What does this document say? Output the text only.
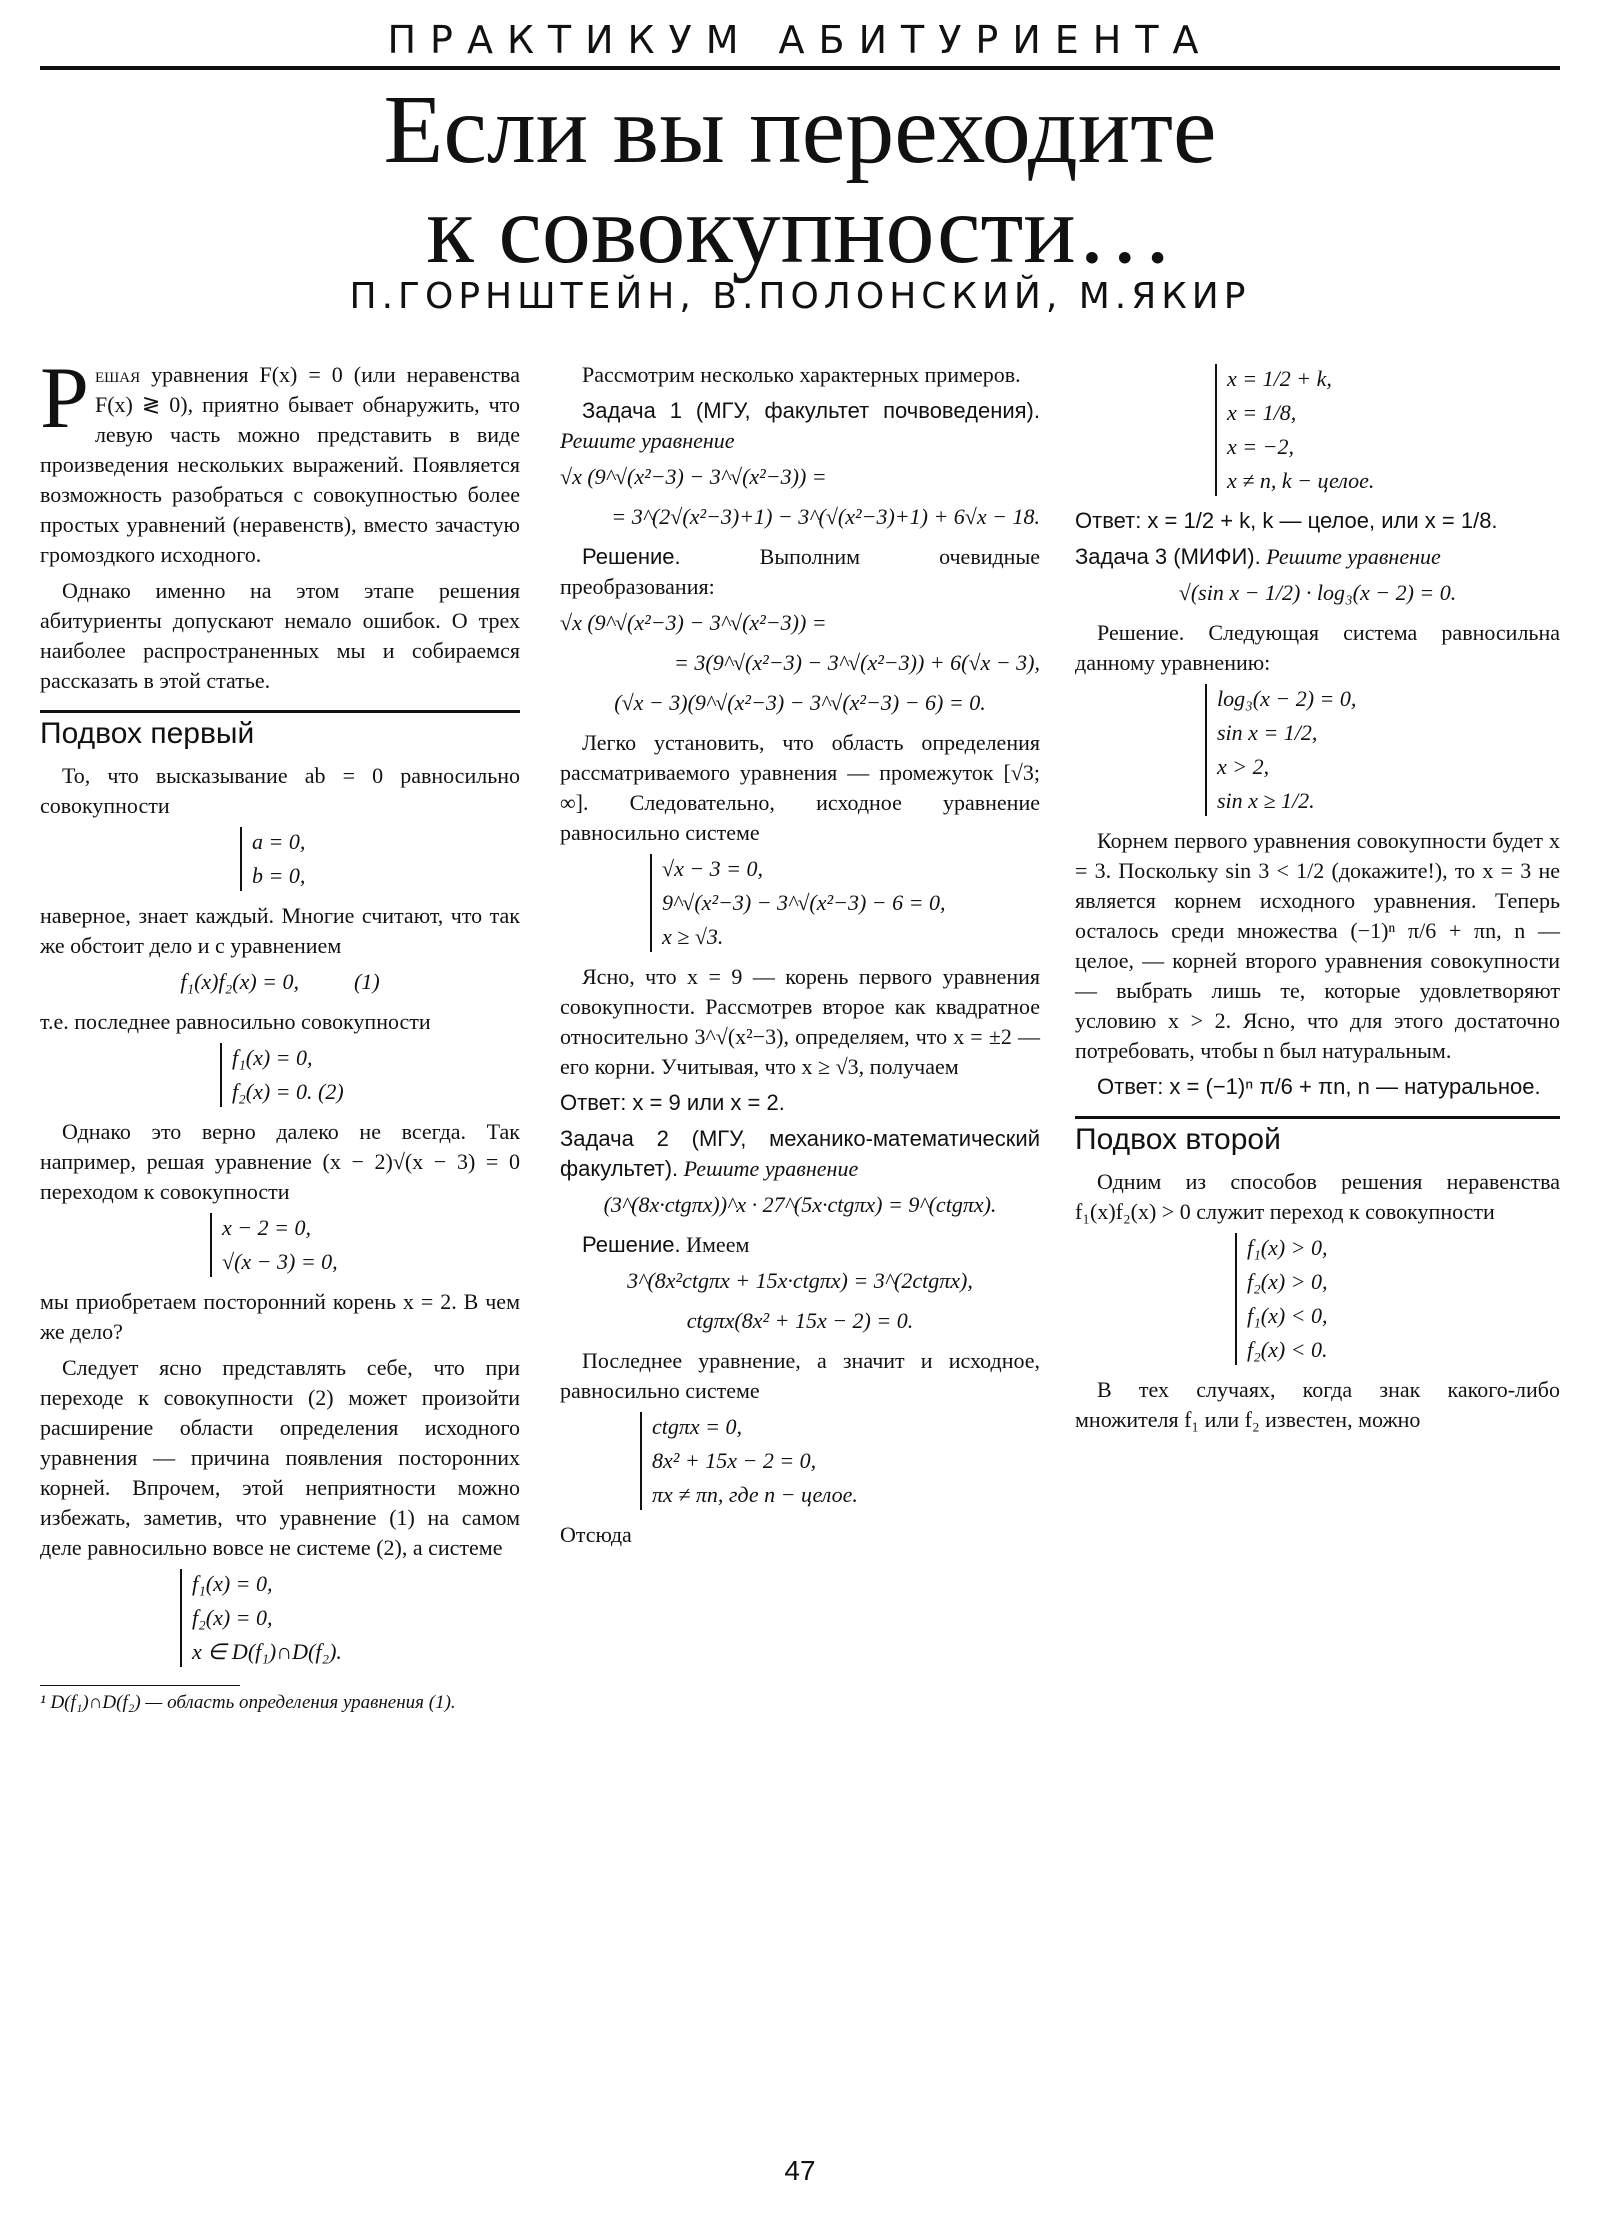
ПРАКТИКУМ АБИТУРИЕНТА
Если вы переходите
к совокупности…
П.ГОРНШТЕЙН, В.ПОЛОНСКИЙ, М.ЯКИР

Решая уравнения F(x) = 0 (или неравенства F(x) ≷ 0), приятно бывает обнаружить, что левую часть можно представить в виде произведения нескольких выражений. Появляется возможность разобраться с совокупностью более простых уравнений (неравенств), вместо зачастую громоздкого исходного.

Однако именно на этом этапе решения абитуриенты допускают немало ошибок. О трех наиболее распространенных мы и собираемся рассказать в этой статье.

Подвох первый

То, что высказывание ab = 0 равносильно совокупности

a = 0,
b = 0,

наверное, знает каждый. Многие считают, что так же обстоит дело и с уравнением

f₁(x)f₂(x) = 0,          (1)

т.е. последнее равносильно совокупности

f₁(x) = 0,
f₂(x) = 0. (2)

Однако это верно далеко не всегда. Так например, решая уравнение (x − 2)√(x − 3) = 0 переходом к совокупности

x − 2 = 0,
√(x − 3) = 0,

мы приобретаем посторонний корень x = 2. В чем же дело?

Следует ясно представлять себе, что при переходе к совокупности (2) может произойти расширение области определения исходного уравнения — причина появления посторонних корней. Впрочем, этой неприятности можно избежать, заметив, что уравнение (1) на самом деле равносильно вовсе не системе (2), а системе

f₁(x) = 0,
f₂(x) = 0,
x ∈ D(f₁)∩D(f₂).
¹ D(f₁)∩D(f₂) — область определения уравнения (1).

Рассмотрим несколько характерных примеров.

Задача 1 (МГУ, факультет почвоведения). Решите уравнение

√x (9^√(x²−3) − 3^√(x²−3)) =
= 3^(2√(x²−3)+1) − 3^(√(x²−3)+1) + 6√x − 18.

Решение.	Выполним очевидные преобразования:

√x (9^√(x²−3) − 3^√(x²−3)) =
= 3(9^√(x²−3) − 3^√(x²−3)) + 6(√x − 3),
(√x − 3)(9^√(x²−3) − 3^√(x²−3) − 6) = 0.

Легко установить, что область определения рассматриваемого уравнения — промежуток [√3; ∞]. Следовательно, исходное уравнение равносильно системе

√x − 3 = 0,
9^√(x²−3) − 3^√(x²−3) − 6 = 0,
x ≥ √3.

Ясно, что x = 9 — корень первого уравнения совокупности. Рассмотрев второе как квадратное относительно 3^√(x²−3), определяем, что x = ±2 — его корни. Учитывая, что x ≥ √3, получаем

Ответ: x = 9 или x = 2.

Задача 2 (МГУ, механико-математический факультет). Решите уравнение

(3^(8x·ctgπx))^x · 27^(5x·ctgπx) = 9^(ctgπx).

Решение. Имеем

3^(8x²ctgπx + 15x·ctgπx) = 3^(2ctgπx),
ctgπx(8x² + 15x − 2) = 0.

Последнее уравнение, а значит и исходное, равносильно системе

ctgπx = 0,
8x² + 15x − 2 = 0,
πx ≠ πn, где n − целое.

Отсюда

x = 1/2 + k,
x = 1/8,
x = −2,
x ≠ n, k − целое.

Ответ: x = 1/2 + k, k — целое, или x = 1/8.

Задача 3 (МИФИ). Решите уравнение

√(sin x − 1/2) · log₃(x − 2) = 0.

Решение. Следующая система равносильна данному уравнению:

log₃(x − 2) = 0,
sin x = 1/2,
x > 2,
sin x ≥ 1/2.

Корнем первого уравнения совокупности будет x = 3. Поскольку sin 3 < 1/2 (докажите!), то x = 3 не является корнем исходного уравнения. Теперь осталось среди множества (−1)ⁿ π/6 + πn, n — целое, — корней второго уравнения совокупности — выбрать лишь те, которые удовлетворяют условию x > 2. Ясно, что для этого достаточно потребовать, чтобы n был натуральным.

Ответ: x = (−1)ⁿ π/6 + πn, n — натуральное.

Подвох второй

Одним из способов решения неравенства f₁(x)f₂(x) > 0 служит переход к совокупности

f₁(x) > 0,
f₂(x) > 0,
f₁(x) < 0,
f₂(x) < 0.

В тех случаях, когда знак какого-либо множителя f₁ или f₂ известен, можно

47
